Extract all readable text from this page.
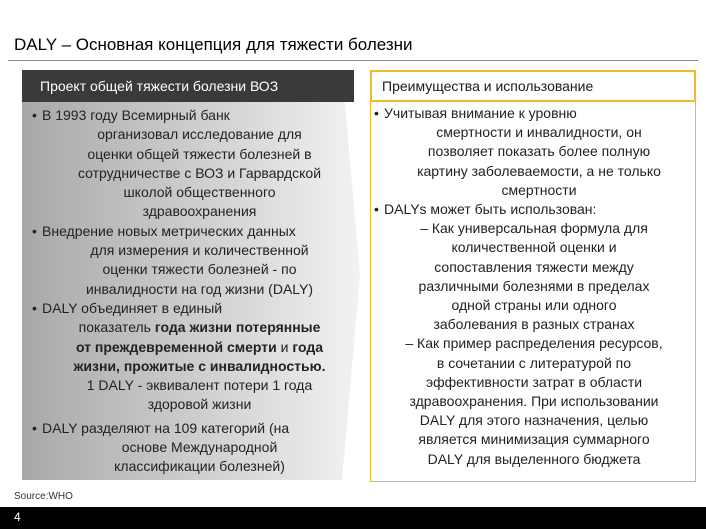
DALY – Основная концепция для тяжести болезни
Проект общей тяжести болезни ВОЗ
• В 1993 году Всемирный банк
организовал исследование для
оценки общей тяжести болезней в
сотрудничестве с ВОЗ и Гарвардской
школой общественного
здравоохранения
• Внедрение новых метрических данных
для измерения и количественной
оценки тяжести болезней - по
инвалидности на год жизни (DALY)
• DALY объединяет в единый
показатель года жизни потерянные
от преждевременной смерти и года
жизни, прожитые с инвалидностью.
1 DALY - эквивалент потери 1 года
здоровой жизни
• DALY разделяют на 109 категорий (на
основе Международной
классификации болезней)
Преимущества и использование
• Учитывая внимание к уровню
смертности и инвалидности, он
позволяет показать более полную
картину заболеваемости, а не только
смертности
• DALYs может быть использован:
– Как универсальная формула для
количественной оценки и
сопоставления тяжести между
различными болезнями в пределах
одной страны или одного
заболевания в разных странах
– Как пример распределения ресурсов,
в сочетании с литературой по
эффективности затрат в области
здравоохранения. При использовании
DALY для этого назначения, целью
является минимизация суммарного
DALY для выделенного бюджета
Source:WHO
4
